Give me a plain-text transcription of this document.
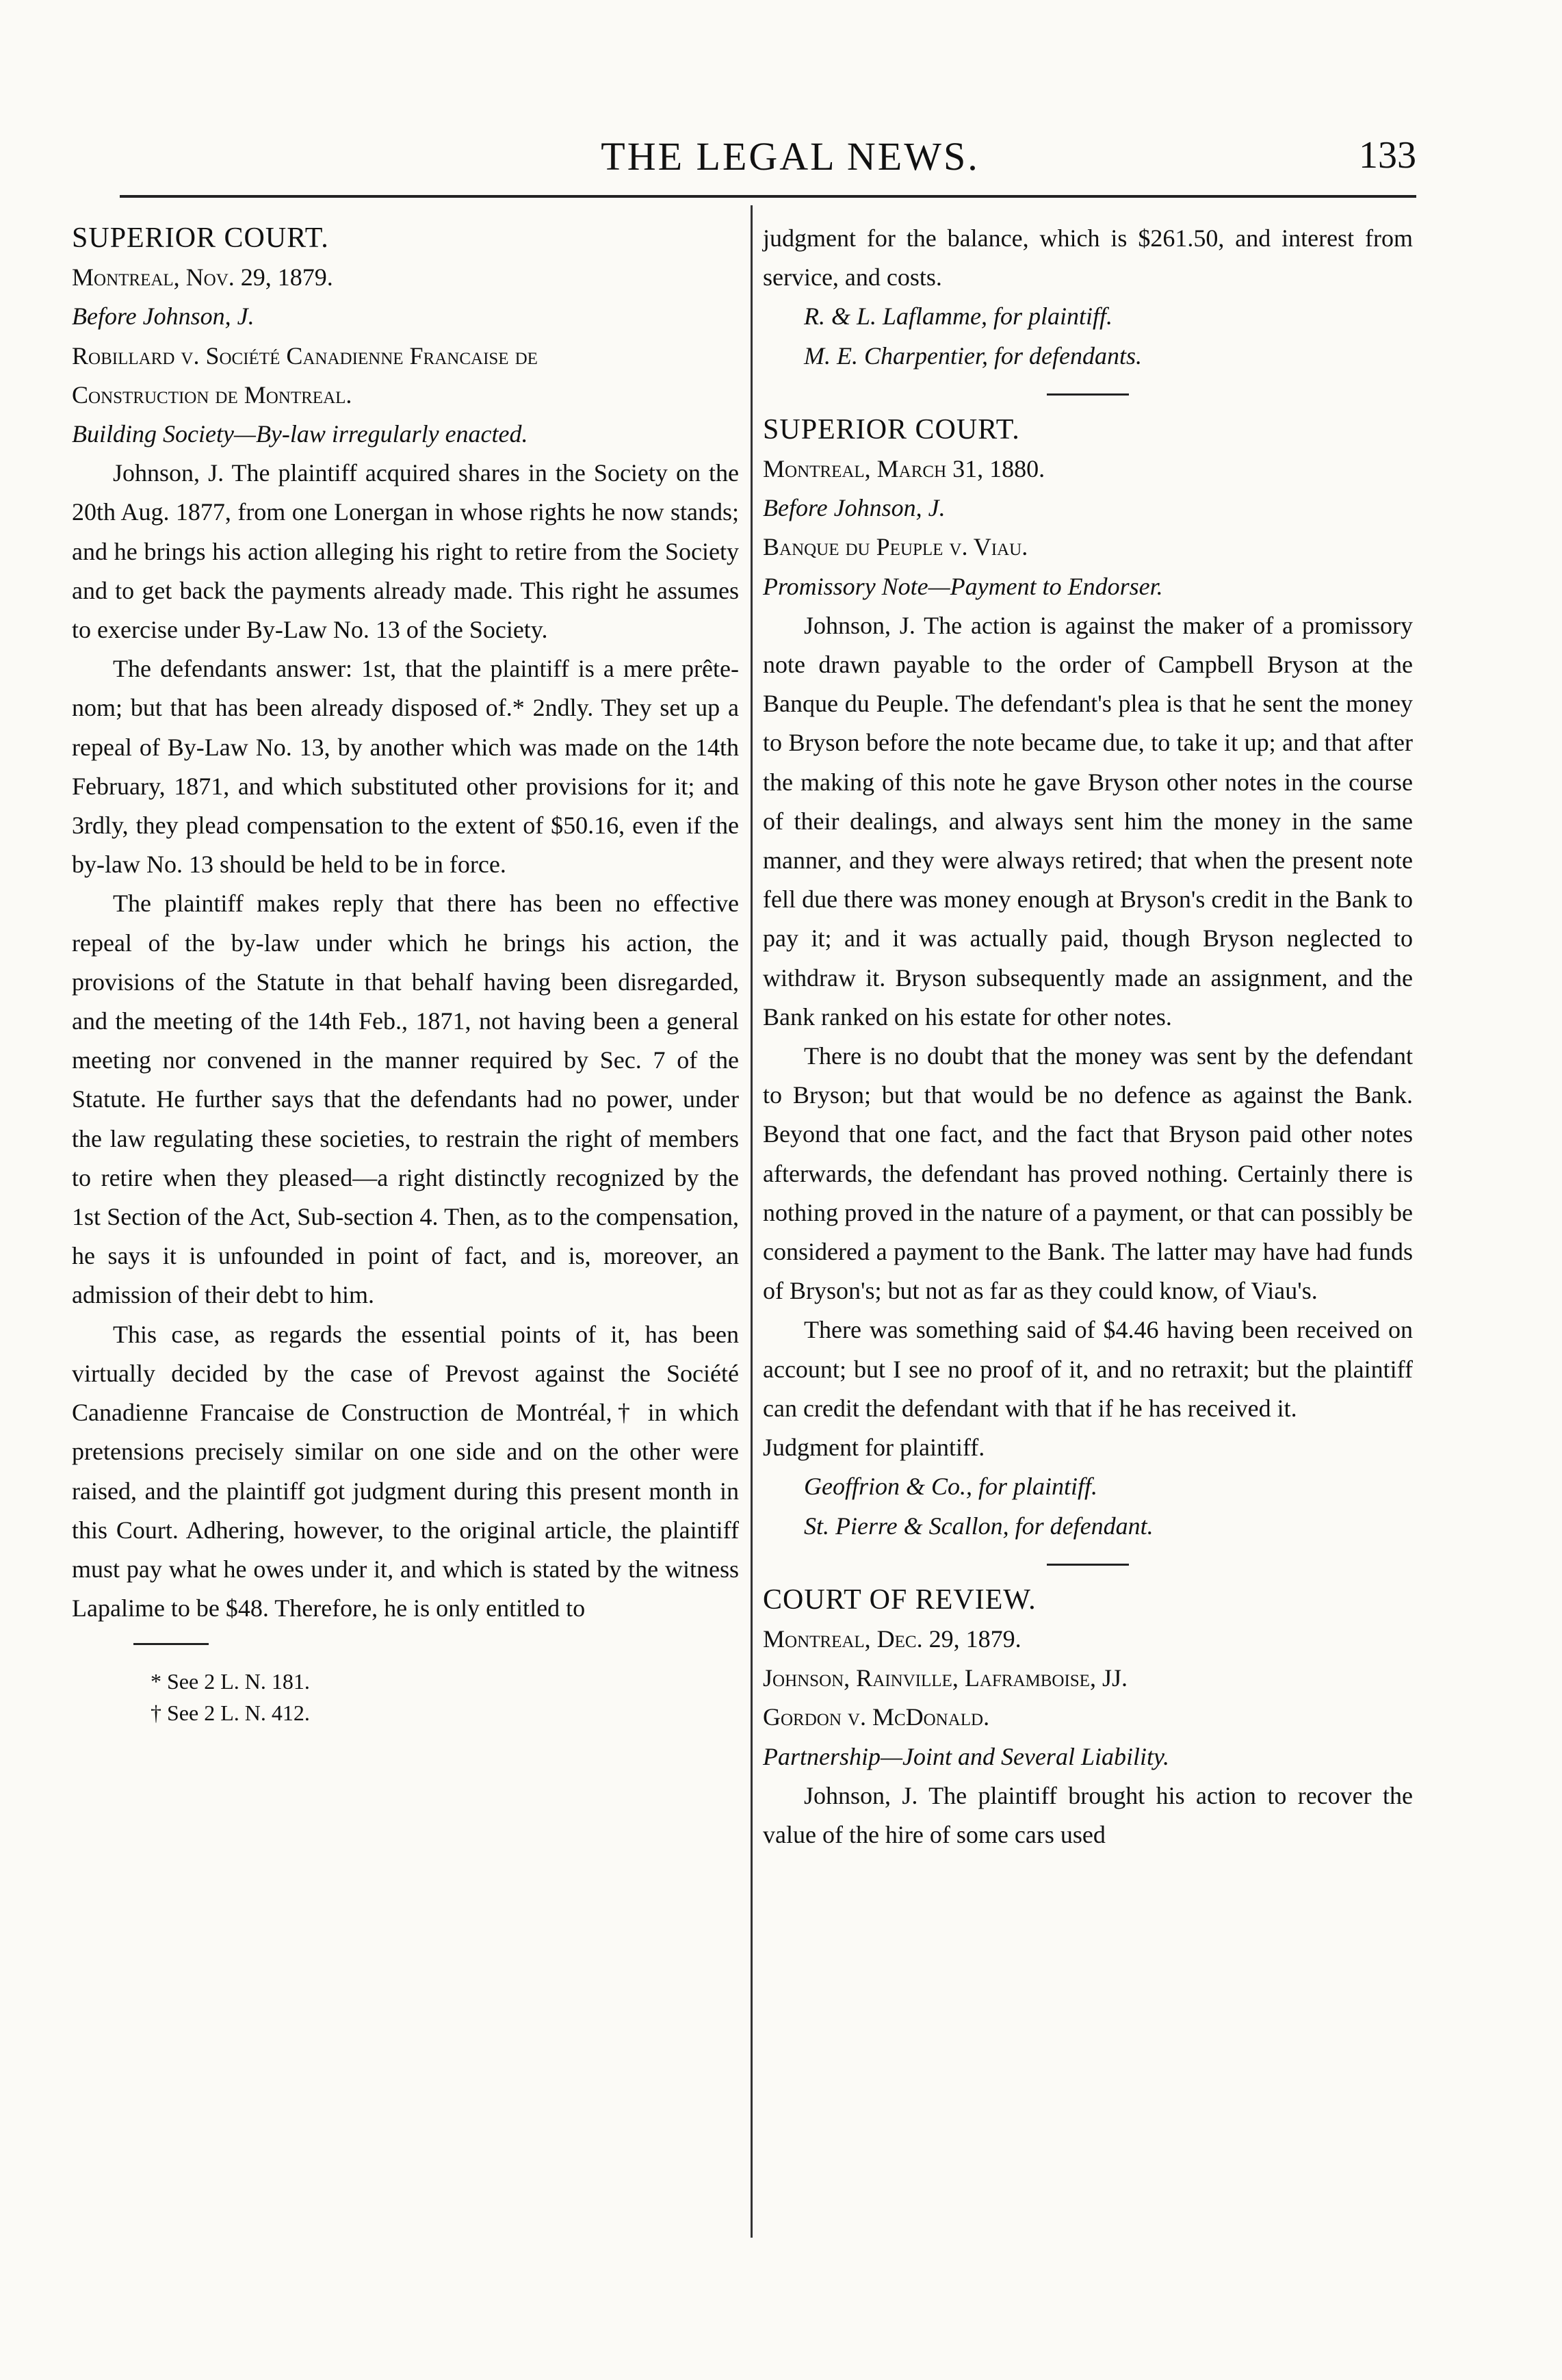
THE LEGAL NEWS.	133

SUPERIOR COURT.

Montreal, Nov. 29, 1879.

Before Johnson, J.

Robillard v. Société Canadienne Francaise de

Construction de Montreal.

Building Society—By-law irregularly enacted.

Johnson, J. The plaintiff acquired shares in the Society on the 20th Aug. 1877, from one Lonergan in whose rights he now stands; and he brings his action alleging his right to retire from the Society and to get back the payments already made. This right he assumes to exercise under By-Law No. 13 of the Society.

The defendants answer: 1st, that the plaintiff is a mere prête-nom; but that has been already disposed of.* 2ndly. They set up a repeal of By-Law No. 13, by another which was made on the 14th February, 1871, and which substituted other provisions for it; and 3rdly, they plead compensation to the extent of $50.16, even if the by-law No. 13 should be held to be in force.

The plaintiff makes reply that there has been no effective repeal of the by-law under which he brings his action, the provisions of the Statute in that behalf having been disregarded, and the meeting of the 14th Feb., 1871, not having been a general meeting nor convened in the manner required by Sec. 7 of the Statute. He further says that the defendants had no power, under the law regulating these societies, to restrain the right of members to retire when they pleased—a right distinctly recognized by the 1st Section of the Act, Sub-section 4. Then, as to the compensation, he says it is unfounded in point of fact, and is, moreover, an admission of their debt to him.

This case, as regards the essential points of it, has been virtually decided by the case of Prevost against the Société Canadienne Francaise de Construction de Montréal,† in which pretensions precisely similar on one side and on the other were raised, and the plaintiff got judgment during this present month in this Court. Adhering, however, to the original article, the plaintiff must pay what he owes under it, and which is stated by the witness Lapalime to be $48. Therefore, he is only entitled to

* See 2 L. N. 181.

† See 2 L. N. 412.

judgment for the balance, which is $261.50, and interest from service, and costs.

R. & L. Laflamme, for plaintiff.

M. E. Charpentier, for defendants.

SUPERIOR COURT.

Montreal, March 31, 1880.

Before Johnson, J.

Banque du Peuple v. Viau.

Promissory Note—Payment to Endorser.

Johnson, J. The action is against the maker of a promissory note drawn payable to the order of Campbell Bryson at the Banque du Peuple. The defendant's plea is that he sent the money to Bryson before the note became due, to take it up; and that after the making of this note he gave Bryson other notes in the course of their dealings, and always sent him the money in the same manner, and they were always retired; that when the present note fell due there was money enough at Bryson's credit in the Bank to pay it; and it was actually paid, though Bryson neglected to withdraw it. Bryson subsequently made an assignment, and the Bank ranked on his estate for other notes.

There is no doubt that the money was sent by the defendant to Bryson; but that would be no defence as against the Bank. Beyond that one fact, and the fact that Bryson paid other notes afterwards, the defendant has proved nothing. Certainly there is nothing proved in the nature of a payment, or that can possibly be considered a payment to the Bank. The latter may have had funds of Bryson's; but not as far as they could know, of Viau's.

There was something said of $4.46 having been received on account; but I see no proof of it, and no retraxit; but the plaintiff can credit the defendant with that if he has received it.

Judgment for plaintiff.

Geoffrion & Co., for plaintiff.

St. Pierre & Scallon, for defendant.

COURT OF REVIEW.

Montreal, Dec. 29, 1879.

Johnson, Rainville, Laframboise, JJ.

Gordon v. McDonald.

Partnership—Joint and Several Liability.

Johnson, J. The plaintiff brought his action to recover the value of the hire of some cars used
